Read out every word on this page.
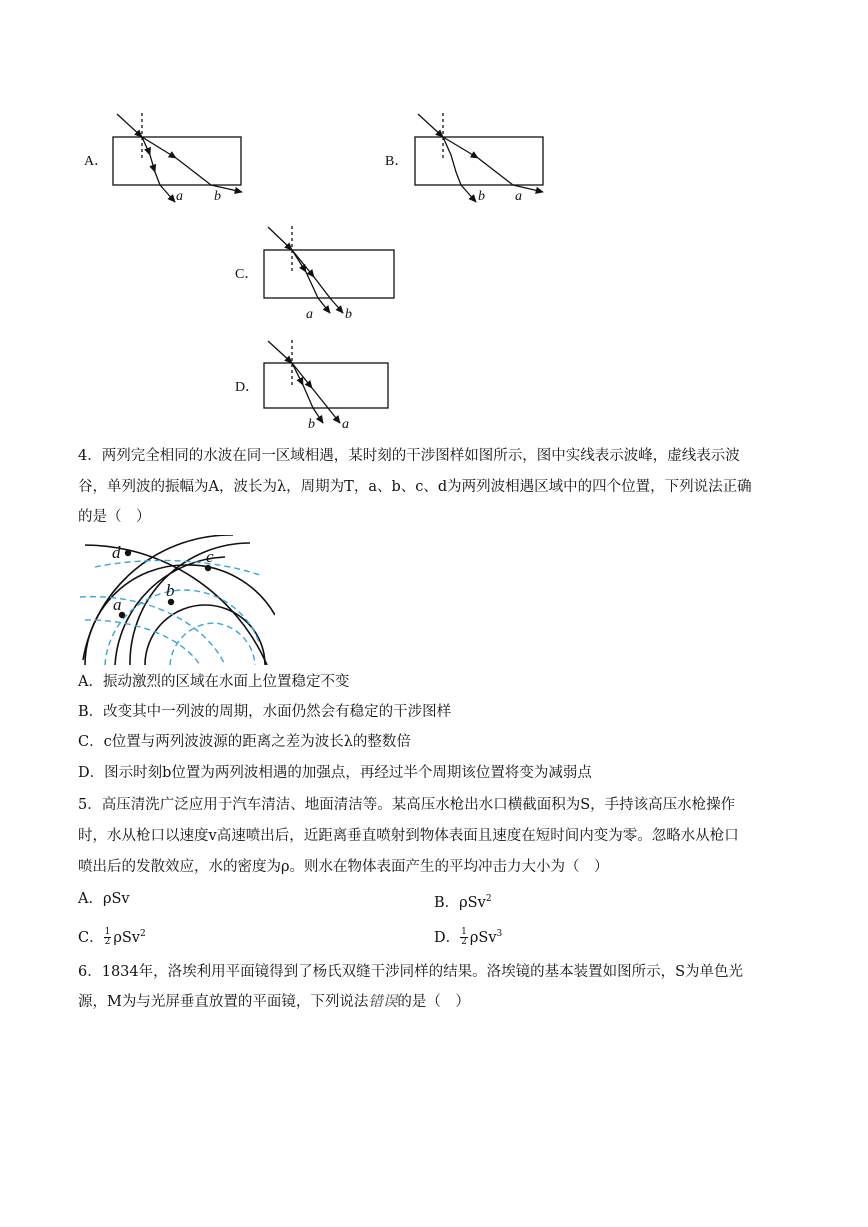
A．
a b
B．
b a
C．
a b
D．
b a
4．两列完全相同的水波在同一区域相遇，某时刻的干涉图样如图所示，图中实线表示波峰，虚线表示波
谷，单列波的振幅为A，波长为λ，周期为T，a、b、c、d为两列波相遇区域中的四个位置，下列说法正确
的是（　）
d	c
b
a
A．振动激烈的区域在水面上位置稳定不变
B．改变其中一列波的周期，水面仍然会有稳定的干涉图样
C．c位置与两列波波源的距离之差为波长λ的整数倍
D．图示时刻b位置为两列波相遇的加强点，再经过半个周期该位置将变为减弱点
5．高压清洗广泛应用于汽车清洁、地面清洁等。某高压水枪出水口横截面积为S，手持该高压水枪操作
时，水从枪口以速度v高速喷出后，近距离垂直喷射到物体表面且速度在短时间内变为零。忽略水从枪口
喷出后的发散效应，水的密度为ρ。则水在物体表面产生的平均冲击力大小为（　）
A．ρSv	B．ρSv$^2$
C． $\frac{1}{2} \rho Sv^2$	D． $\frac{1}{2} \rho Sv^3$
6．1834年，洛埃利用平面镜得到了杨氏双缝干涉同样的结果。洛埃镜的基本装置如图所示，S为单色光
源，M为与光屏垂直放置的平面镜，下列说法错误的是（　）
